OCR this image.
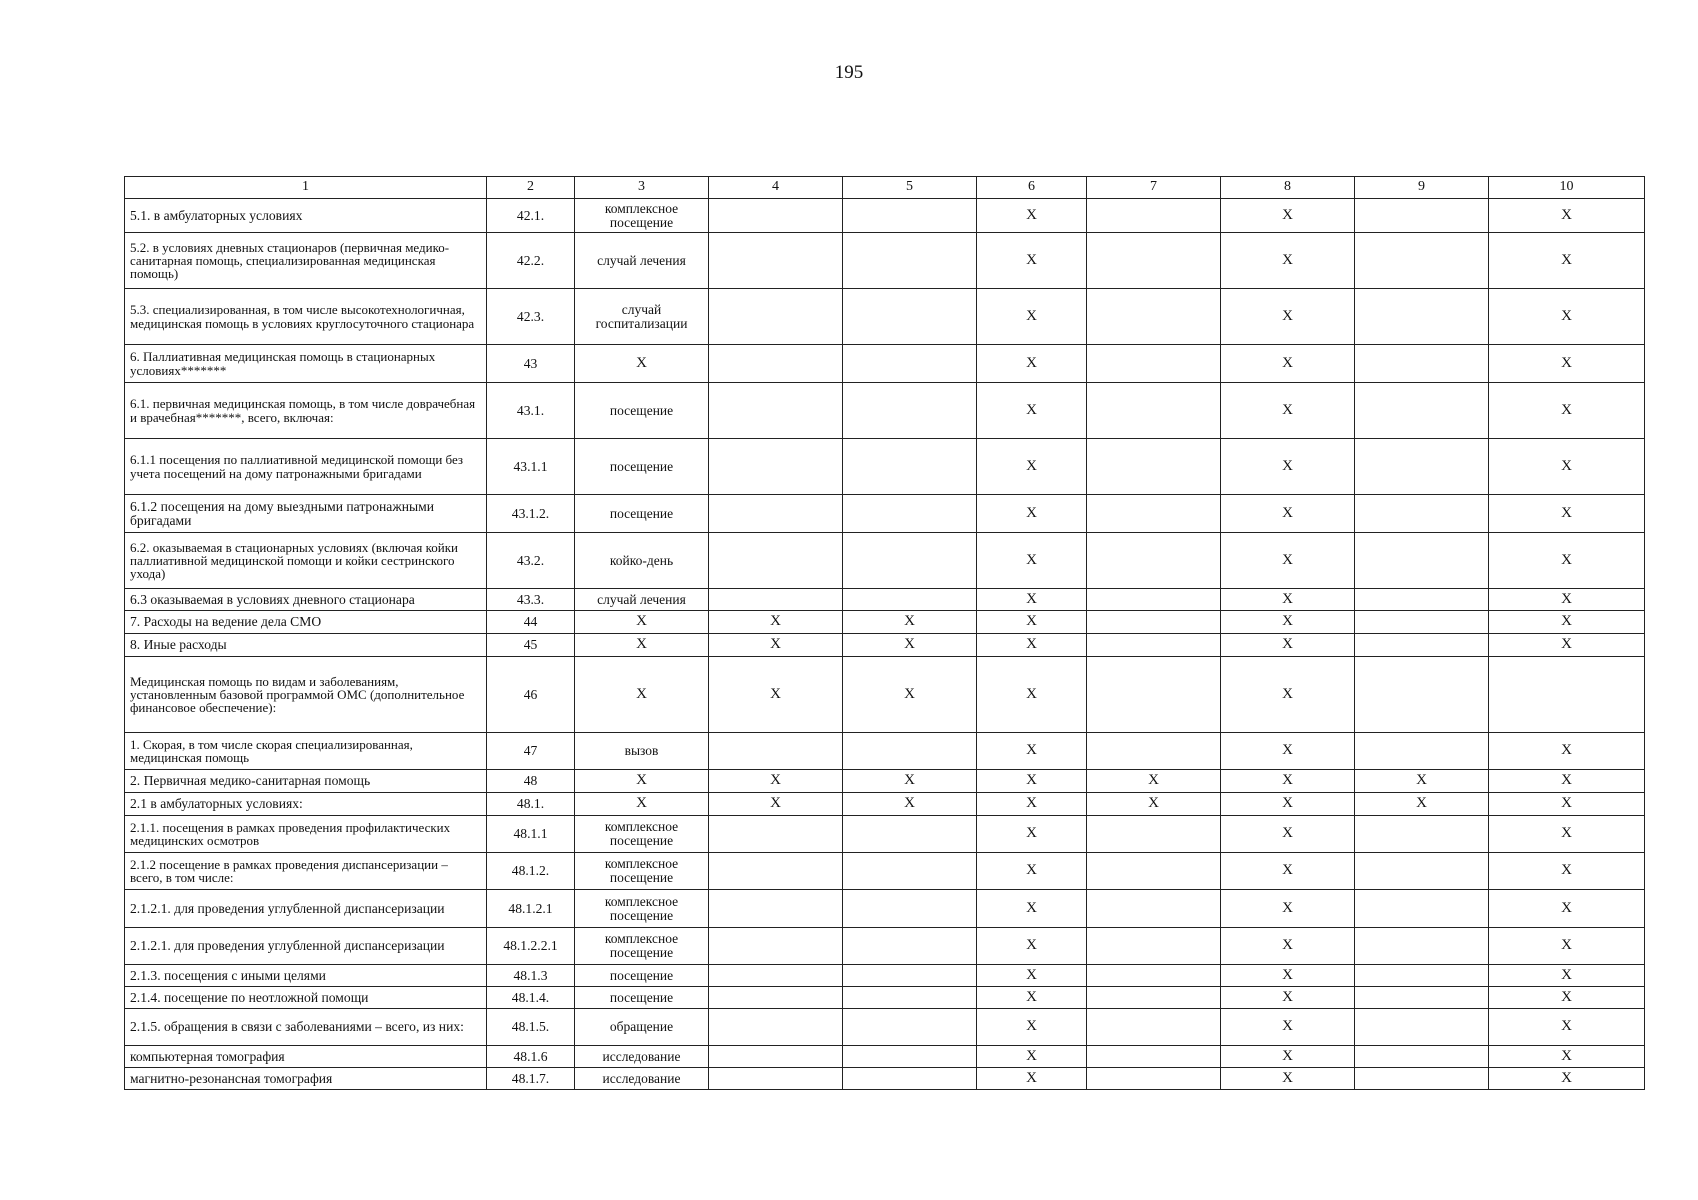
195
1	2	3	4	5	6	7	8	9	10
5.1. в амбулаторных условиях	42.1.	комплексное посещение			X		X		X
5.2. в условиях дневных стационаров (первичная медико-санитарная помощь, специализированная медицинская помощь)	42.2.	случай лечения			X		X		X
5.3. специализированная, в том числе высокотехнологичная, медицинская помощь в условиях круглосуточного стационара	42.3.	случай госпитализации			X		X		X
6. Паллиативная медицинская помощь в стационарных условиях*******	43	X			X		X		X
6.1. первичная медицинская помощь, в том числе доврачебная и врачебная*******, всего, включая:	43.1.	посещение			X		X		X
6.1.1 посещения по паллиативной медицинской помощи без учета посещений на дому патронажными бригадами	43.1.1	посещение			X		X		X
6.1.2 посещения на дому выездными патронажными бригадами	43.1.2.	посещение			X		X		X
6.2. оказываемая в стационарных условиях (включая койки паллиативной медицинской помощи и койки сестринского ухода)	43.2.	койко-день			X		X		X
6.3 оказываемая в условиях дневного стационара	43.3.	случай лечения			X		X		X
7. Расходы на ведение дела СМО	44	X	X	X	X		X		X
8. Иные расходы	45	X	X	X	X		X		X
Медицинская помощь по видам и заболеваниям, установленным базовой программой ОМС (дополнительное финансовое обеспечение):	46	X	X	X	X		X		
1. Скорая, в том числе скорая специализированная, медицинская помощь	47	вызов			X		X		X
2. Первичная медико-санитарная помощь	48	X	X	X	X	X	X	X	X
2.1 в амбулаторных условиях:	48.1.	X	X	X	X	X	X	X	X
2.1.1. посещения в рамках проведения профилактических медицинских осмотров	48.1.1	комплексное посещение			X		X		X
2.1.2 посещение в рамках проведения диспансеризации – всего, в том числе:	48.1.2.	комплексное посещение			X		X		X
2.1.2.1. для проведения углубленной диспансеризации	48.1.2.1	комплексное посещение			X		X		X
2.1.2.1. для проведения углубленной диспансеризации	48.1.2.2.1	комплексное посещение			X		X		X
2.1.3. посещения с иными целями	48.1.3	посещение			X		X		X
2.1.4. посещение по неотложной помощи	48.1.4.	посещение			X		X		X
2.1.5. обращения в связи с заболеваниями – всего, из них:	48.1.5.	обращение			X		X		X
компьютерная томография	48.1.6	исследование			X		X		X
магнитно-резонансная томография	48.1.7.	исследование			X		X		X
